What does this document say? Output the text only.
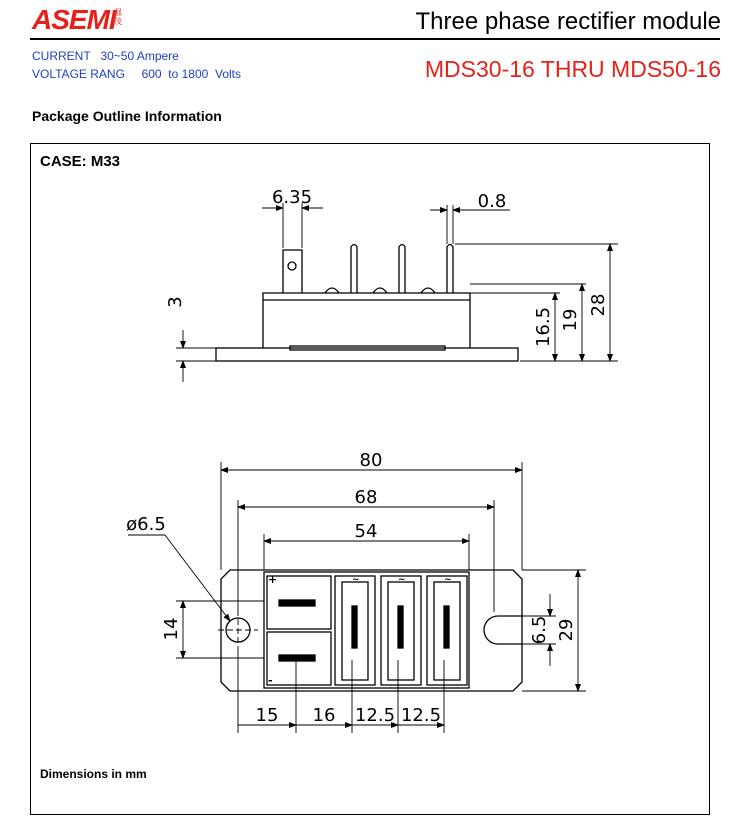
ASEMI
强茂	Three phase rectifier module
CURRENT   30~50 Ampere
VOLTAGE RANG     600  to 1800  Volts	MDS30-16 THRU MDS50-16
Package Outline Information
CASE: M33
6.35	0.8
3
16.5 19
28
+
-
~	~	~
80
68
54
ø6.5
14	6.5 29
15 16 12.5 12.5
Dimensions in mm
